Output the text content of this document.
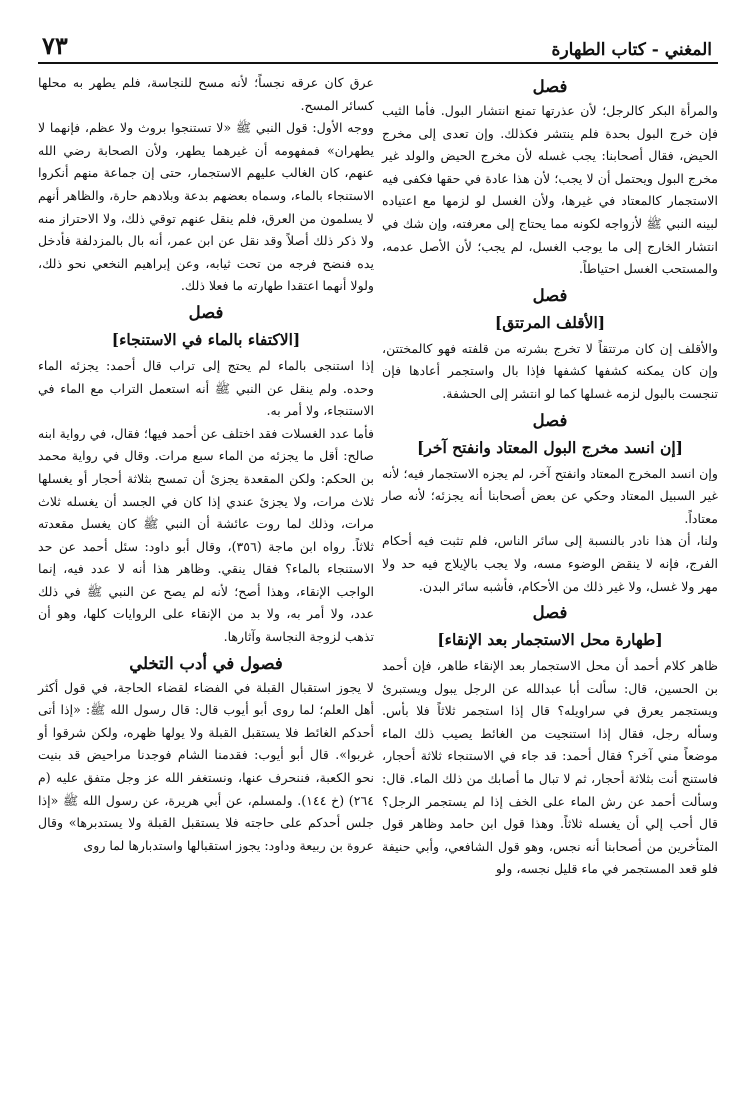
٧٣	المغني - كتاب الطهارة
فصل

والمرأة البكر كالرجل؛ لأن عذرتها تمنع انتشار البول. فأما الثيب فإن خرج البول بحدة فلم ينتشر فكذلك. وإن تعدى إلى مخرج الحيض، فقال أصحابنا: يجب غسله لأن مخرج الحيض والولد غير مخرج البول ويحتمل أن لا يجب؛ لأن هذا عادة في حقها فكفى فيه الاستجمار كالمعتاد في غيرها، ولأن الغسل لو لزمها مع اعتياده لبينه النبي ﷺ لأزواجه لكونه مما يحتاج إلى معرفته، وإن شك في انتشار الخارج إلى ما يوجب الغسل، لم يجب؛ لأن الأصل عدمه، والمستحب الغسل احتياطاً.

فصل
[الأقلف المرتتق]

والأقلف إن كان مرتتقاً لا تخرج بشرته من قلفته فهو كالمختتن، وإن كان يمكنه كشفها كشفها فإذا بال واستجمر أعادها فإن تنجست بالبول لزمه غسلها كما لو انتشر إلى الحشفة.

فصل
[إن انسد مخرج البول المعتاد وانفتح آخر]

وإن انسد المخرج المعتاد وانفتح آخر، لم يجزه الاستجمار فيه؛ لأنه غير السبيل المعتاد وحكي عن بعض أصحابنا أنه يجزئه؛ لأنه صار معتاداً.

ولنا، أن هذا نادر بالنسبة إلى سائر الناس، فلم تثبت فيه أحكام الفرج، فإنه لا ينقض الوضوء مسه، ولا يجب بالإيلاج فيه حد ولا مهر ولا غسل، ولا غير ذلك من الأحكام، فأشبه سائر البدن.

فصل
[طهارة محل الاستجمار بعد الإنقاء]

ظاهر كلام أحمد أن محل الاستجمار بعد الإنقاء طاهر، فإن أحمد بن الحسين، قال: سألت أبا عبدالله عن الرجل يبول ويستبرئ ويستجمر يعرق في سراويله؟ قال إذا استجمر ثلاثاً فلا بأس. وسأله رجل، فقال إذا استنجيت من الغائط يصيب ذلك الماء موضعاً مني آخر؟ فقال أحمد: قد جاء في الاستنجاء ثلاثة أحجار، فاستنج أنت بثلاثة أحجار، ثم لا تبال ما أصابك من ذلك الماء. قال: وسألت أحمد عن رش الماء على الخف إذا لم يستجمر الرجل؟ قال أحب إلي أن يغسله ثلاثاً. وهذا قول ابن حامد وظاهر قول المتأخرين من أصحابنا أنه نجس، وهو قول الشافعي، وأبي حنيفة فلو قعد المستجمر في ماء قليل نجسه، ولو

عرق كان عرقه نجساً؛ لأنه مسح للنجاسة، فلم يطهر به محلها كسائر المسح.

ووجه الأول: قول النبي ﷺ «لا تستنجوا بروث ولا عظم، فإنهما لا يطهران» فمفهومه أن غيرهما يطهر، ولأن الصحابة رضي الله عنهم، كان الغالب عليهم الاستجمار، حتى إن جماعة منهم أنكروا الاستنجاء بالماء، وسماه بعضهم بدعة وبلادهم حارة، والظاهر أنهم لا يسلمون من العرق، فلم ينقل عنهم توقي ذلك، ولا الاحتراز منه ولا ذكر ذلك أصلاً وقد نقل عن ابن عمر، أنه بال بالمزدلفة فأدخل يده فنضح فرجه من تحت ثيابه، وعن إبراهيم النخعي نحو ذلك، ولولا أنهما اعتقدا طهارته ما فعلا ذلك.

فصل
[الاكتفاء بالماء في الاستنجاء]

إذا استنجى بالماء لم يحتج إلى تراب قال أحمد: يجزئه الماء وحده. ولم ينقل عن النبي ﷺ أنه استعمل التراب مع الماء في الاستنجاء، ولا أمر به.

فأما عدد الغسلات فقد اختلف عن أحمد فيها؛ فقال، في رواية ابنه صالح: أقل ما يجزئه من الماء سبع مرات. وقال في رواية محمد بن الحكم: ولكن المقعدة يجزئ أن تمسح بثلاثة أحجار أو يغسلها ثلاث مرات، ولا يجزئ عندي إذا كان في الجسد أن يغسله ثلاث مرات، وذلك لما روت عائشة أن النبي ﷺ كان يغسل مقعدته ثلاثاً. رواه ابن ماجة (٣٥٦)، وقال أبو داود: سئل أحمد عن حد الاستنجاء بالماء؟ فقال ينقي. وظاهر هذا أنه لا عدد فيه، إنما الواجب الإنقاء، وهذا أصح؛ لأنه لم يصح عن النبي ﷺ في ذلك عدد، ولا أمر به، ولا بد من الإنقاء على الروايات كلها، وهو أن تذهب لزوجة النجاسة وآثارها.

فصول في أدب التخلي

لا يجوز استقبال القبلة في الفضاء لقضاء الحاجة، في قول أكثر أهل العلم؛ لما روى أبو أيوب قال: قال رسول الله ﷺ: «إذا أتى أحدكم الغائط فلا يستقبل القبلة ولا يولها ظهره، ولكن شرقوا أو غربوا». قال أبو أيوب: فقدمنا الشام فوجدنا مراحيض قد بنيت نحو الكعبة، فننحرف عنها، ونستغفر الله عز وجل متفق عليه (م ٢٦٤) (خ ١٤٤). ولمسلم، عن أبي هريرة، عن رسول الله ﷺ «إذا جلس أحدكم على حاجته فلا يستقبل القبلة ولا يستدبرها» وقال عروة بن ربيعة وداود: يجوز استقبالها واستدبارها لما روى
